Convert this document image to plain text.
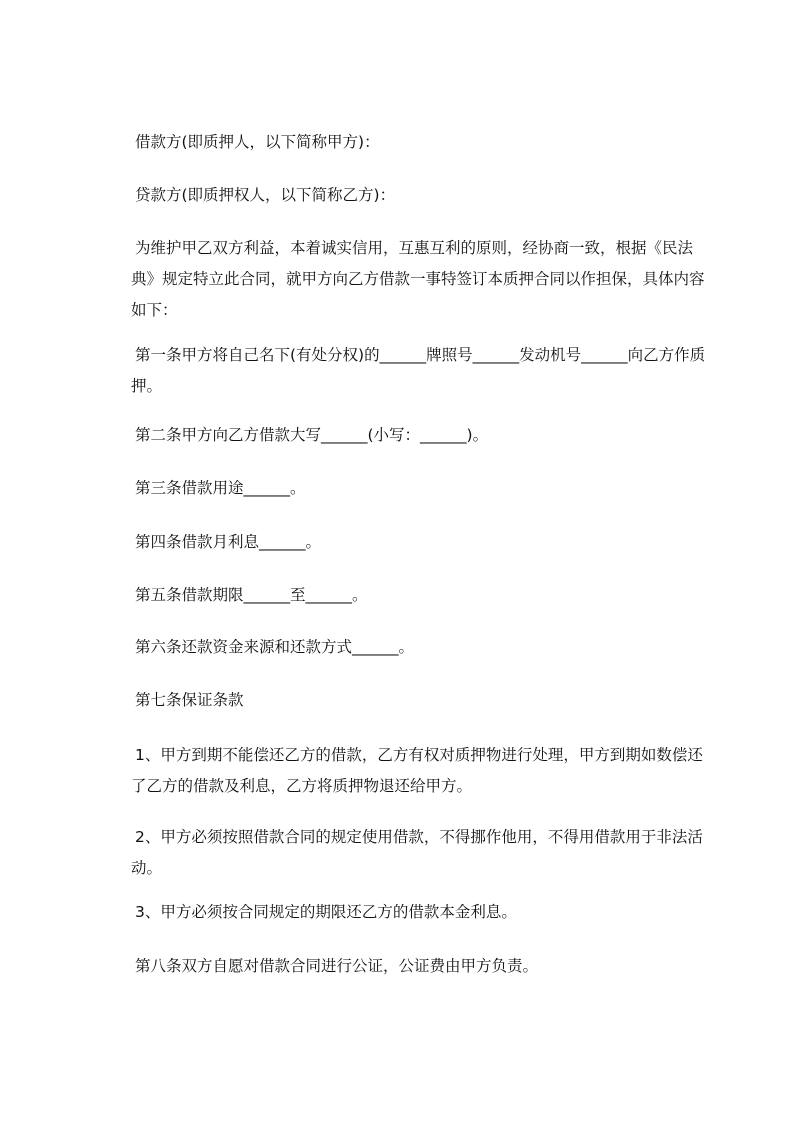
借款方(即质押人，以下简称甲方)：

贷款方(即质押权人，以下简称乙方)：

为维护甲乙双方利益，本着诚实信用，互惠互利的原则，经协商一致，根据《民法典》规定特立此合同，就甲方向乙方借款一事特签订本质押合同以作担保，具体内容如下：

第一条甲方将自己名下(有处分权)的______牌照号______发动机号______向乙方作质押。

第二条甲方向乙方借款大写______(小写：______)。

第三条借款用途______。

第四条借款月利息______。

第五条借款期限______至______。

第六条还款资金来源和还款方式______。

第七条保证条款

1、甲方到期不能偿还乙方的借款，乙方有权对质押物进行处理，甲方到期如数偿还了乙方的借款及利息，乙方将质押物退还给甲方。

2、甲方必须按照借款合同的规定使用借款，不得挪作他用，不得用借款用于非法活动。

3、甲方必须按合同规定的期限还乙方的借款本金利息。

第八条双方自愿对借款合同进行公证，公证费由甲方负责。
